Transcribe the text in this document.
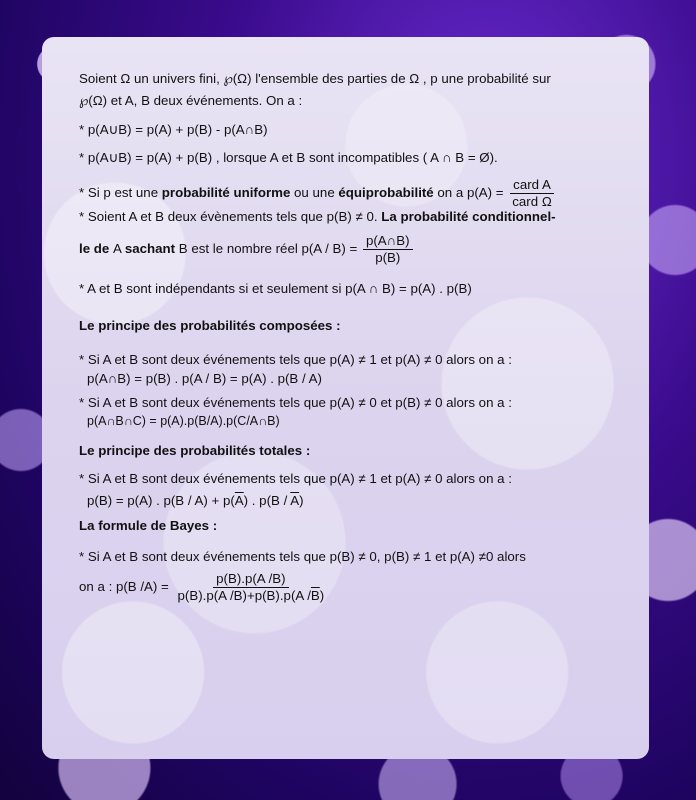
Soient Ω un univers fini, ℘(Ω) l'ensemble des parties de Ω , p une probabilité sur
℘(Ω) et A, B deux événements. On a :
* p(A∪B) = p(A) + p(B) - p(A∩B)
* p(A∪B) = p(A) + p(B) , lorsque A et B sont incompatibles ( A ∩ B = Ø).
* Si p est une probabilité uniforme ou une équiprobabilité on a $p(A) = \frac{\text{card A}}{\text{card Ω}}$
* Soient A et B deux évènements tels que p(B) ≠ 0. La probabilité conditionnel-
le de A sachant B est le nombre réel $p(A / B) = \frac{p(A\cap B)}{p(B)}$
* A et B sont indépendants si et seulement si p(A ∩ B) = p(A) . p(B)
Le principe des probabilités composées :
* Si A et B sont deux événements tels que p(A) ≠ 1 et p(A) ≠ 0 alors on a :
p(A∩B) = p(B) . p(A / B) = p(A) . p(B / A)
* Si A et B sont deux événements tels que p(A) ≠ 0 et p(B) ≠ 0 alors on a :
p(A∩B∩C) = p(A).p(B/A).p(C/A∩B)
Le principe des probabilités totales :
* Si A et B sont deux événements tels que p(A) ≠ 1 et p(A) ≠ 0 alors on a :
p(B) = p(A) . $p(B / A) + p(\overline{A})$ . $p(B / \overline{A})$
La formule de Bayes :
* Si A et B sont deux événements tels que p(B) ≠ 0, p(B) ≠ 1 et p(A) ≠0 alors
on a : p(B $/A) = \frac{p(B).p(A /B)}{p(B).p(A /B)+p(\overline{B}).p(A /\overline{B})}$
